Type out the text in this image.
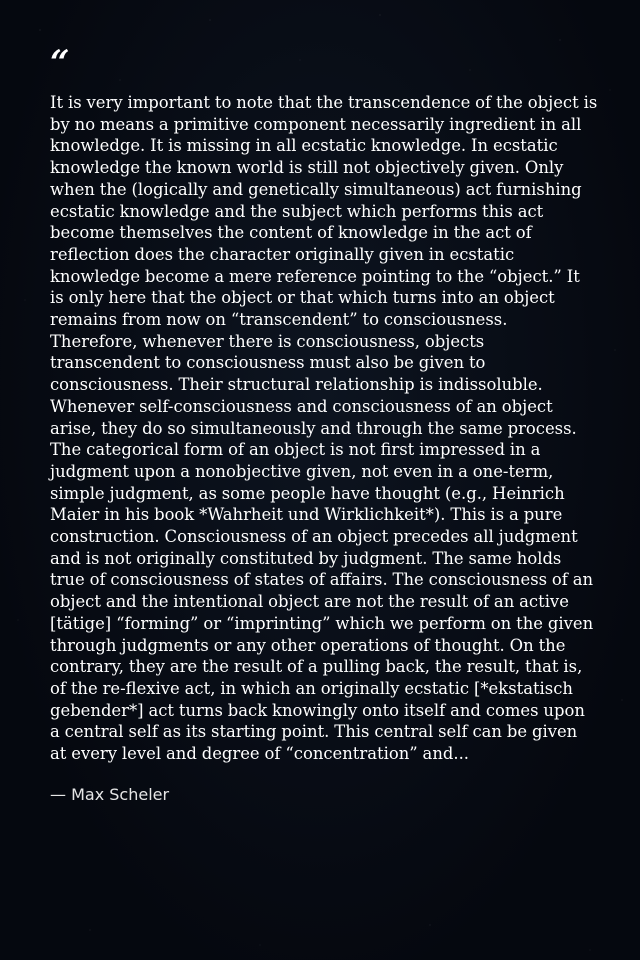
“

It is very important to note that the transcendence of the object is by no means a primitive component necessarily ingredient in all knowledge. It is missing in all ecstatic knowledge. In ecstatic knowledge the known world is still not objectively given. Only when the (logically and genetically simultaneous) act furnishing ecstatic knowledge and the subject which performs this act become themselves the content of knowledge in the act of reflection does the character originally given in ecstatic knowledge become a mere reference pointing to the “object.” It is only here that the object or that which turns into an object remains from now on “transcendent” to consciousness. Therefore, whenever there is consciousness, objects transcendent to consciousness must also be given to consciousness. Their structural relationship is indissoluble. Whenever self-consciousness and consciousness of an object arise, they do so simultaneously and through the same process. The categorical form of an object is not first impressed in a judgment upon a nonobjective given, not even in a one-term, simple judgment, as some people have thought (e.g., Heinrich Maier in his book *Wahrheit und Wirklichkeit*). This is a pure construction. Consciousness of an object precedes all judgment and is not originally constituted by judgment. The same holds true of consciousness of states of affairs. The consciousness of an object and the intentional object are not the result of an active [tätige] “forming” or “imprinting” which we perform on the given through judgments or any other operations of thought. On the contrary, they are the result of a pulling back, the result, that is, of the re-flexive act, in which an originally ecstatic [*ekstatisch gebender*] act turns back knowingly onto itself and comes upon a central self as its starting point. This central self can be given at every level and degree of “concentration” and...

— Max Scheler
